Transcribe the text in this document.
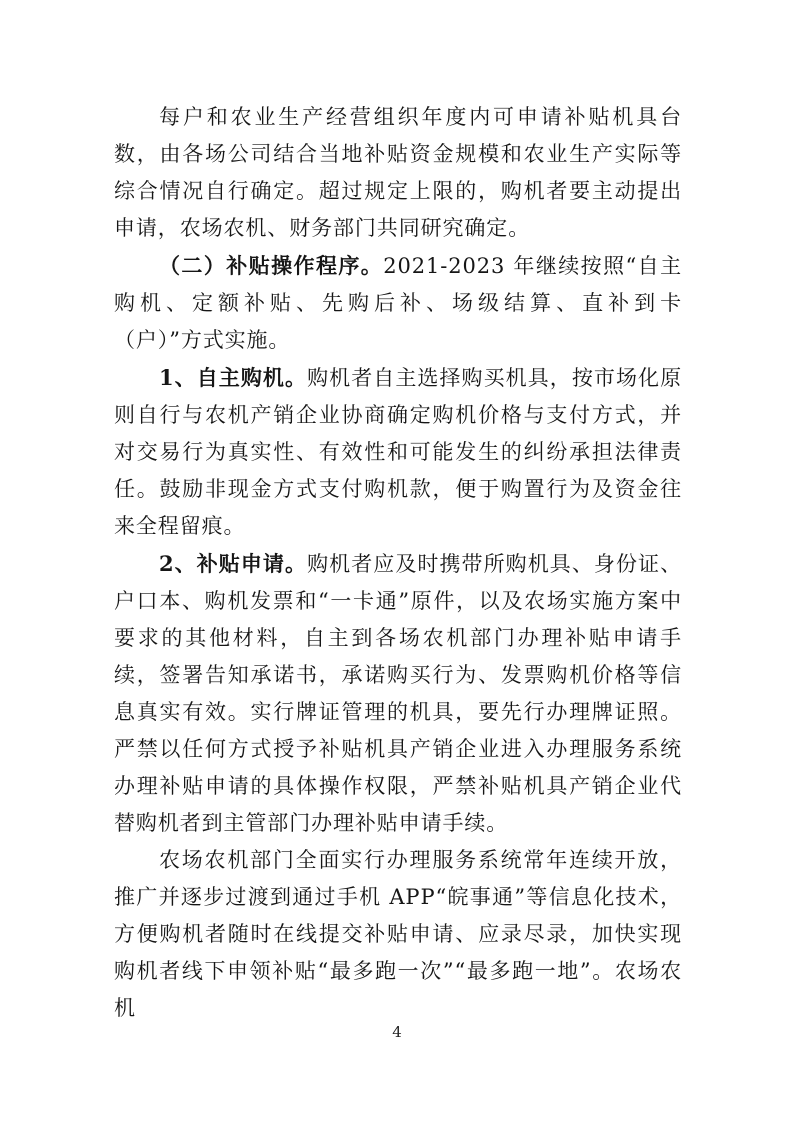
每户和农业生产经营组织年度内可申请补贴机具台数，由各场公司结合当地补贴资金规模和农业生产实际等综合情况自行确定。超过规定上限的，购机者要主动提出申请，农场农机、财务部门共同研究确定。

（二）补贴操作程序。2021-2023 年继续按照“自主购机、定额补贴、先购后补、场级结算、直补到卡（户）”方式实施。

1、自主购机。购机者自主选择购买机具，按市场化原则自行与农机产销企业协商确定购机价格与支付方式，并对交易行为真实性、有效性和可能发生的纠纷承担法律责任。鼓励非现金方式支付购机款，便于购置行为及资金往来全程留痕。

2、补贴申请。购机者应及时携带所购机具、身份证、户口本、购机发票和“一卡通”原件，以及农场实施方案中要求的其他材料，自主到各场农机部门办理补贴申请手续，签署告知承诺书，承诺购买行为、发票购机价格等信息真实有效。实行牌证管理的机具，要先行办理牌证照。严禁以任何方式授予补贴机具产销企业进入办理服务系统办理补贴申请的具体操作权限，严禁补贴机具产销企业代替购机者到主管部门办理补贴申请手续。

农场农机部门全面实行办理服务系统常年连续开放，推广并逐步过渡到通过手机 APP“皖事通”等信息化技术，方便购机者随时在线提交补贴申请、应录尽录，加快实现购机者线下申领补贴“最多跑一次”“最多跑一地”。农场农机

4
